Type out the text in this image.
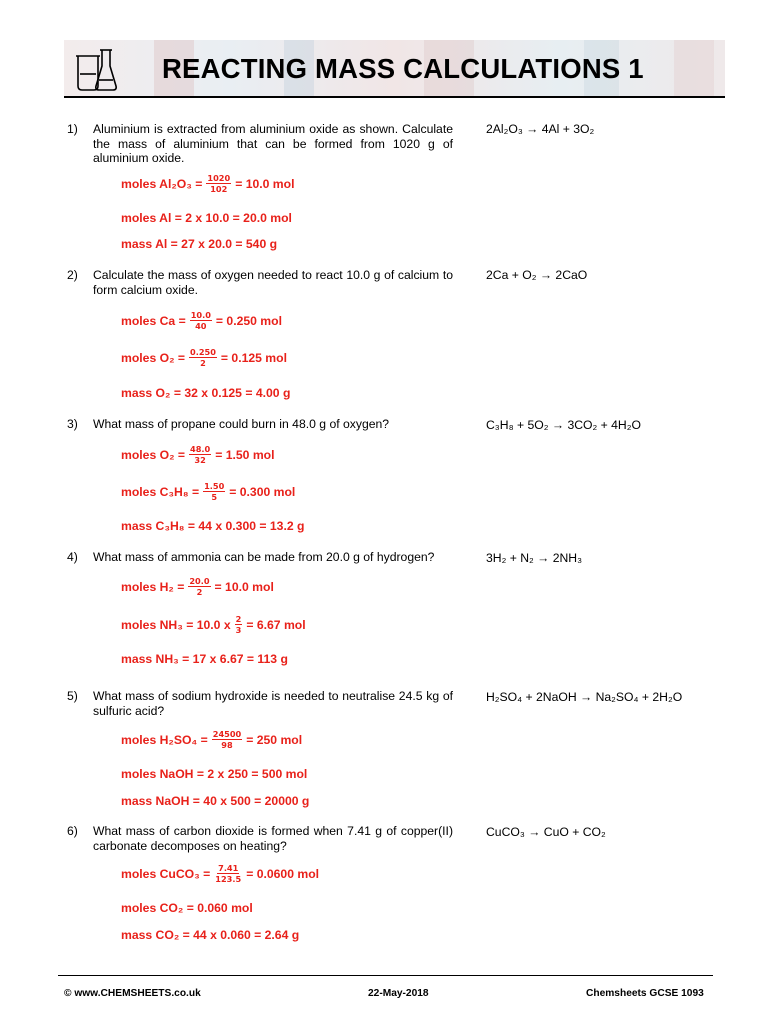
REACTING MASS CALCULATIONS 1
1) Aluminium is extracted from aluminium oxide as shown. Calculate the mass of aluminium that can be formed from 1020 g of aluminium oxide.
2Al₂O₃ → 4Al + 3O₂
moles $Al_2O_3 = \frac{1020}{102} = 10.0$ mol
moles Al = 2 x 10.0 = 20.0 mol
mass Al = 27 x 20.0 = 540 g
2) Calculate the mass of oxygen needed to react 10.0 g of calcium to form calcium oxide.
2Ca + O₂ → 2CaO
moles $Ca = \frac{10.0}{40} = 0.250$ mol
moles $O_2 = \frac{0.250}{2} = 0.125$ mol
mass O₂ = 32 x 0.125 = 4.00 g
3) What mass of propane could burn in 48.0 g of oxygen?	C₃H₈ + 5O₂ → 3CO₂ + 4H₂O
moles $O_2 = \frac{48.0}{32} = 1.50$ mol
moles $C_3H_8 = \frac{1.50}{5} = 0.300$ mol
mass C₃H₈ = 44 x 0.300 = 13.2 g
4) What mass of ammonia can be made from 20.0 g of hydrogen?	3H₂ + N₂ → 2NH₃
moles $H_2 = \frac{20.0}{2} = 10.0$ mol
moles NH₃ = 10.0 x $\frac{2}{3} = 6.67$ mol
mass NH₃ = 17 x 6.67 = 113 g
5) What mass of sodium hydroxide is needed to neutralise 24.5 kg of sulfuric acid?
H₂SO₄ + 2NaOH → Na₂SO₄ + 2H₂O
moles $H_2SO_4 = \frac{24500}{98} = 250$ mol
moles NaOH = 2 x 250 = 500 mol
mass NaOH = 40 x 500 = 20000 g
6) What mass of carbon dioxide is formed when 7.41 g of copper(II) carbonate decomposes on heating?
CuCO₃ → CuO + CO₂
moles CuCO₃ = $\frac{7.41}{123.5} = 0.0600$ mol
moles CO₂ = 0.060 mol
mass CO₂ = 44 x 0.060 = 2.64 g
© www.CHEMSHEETS.co.uk	22-May-2018	Chemsheets GCSE 1093
